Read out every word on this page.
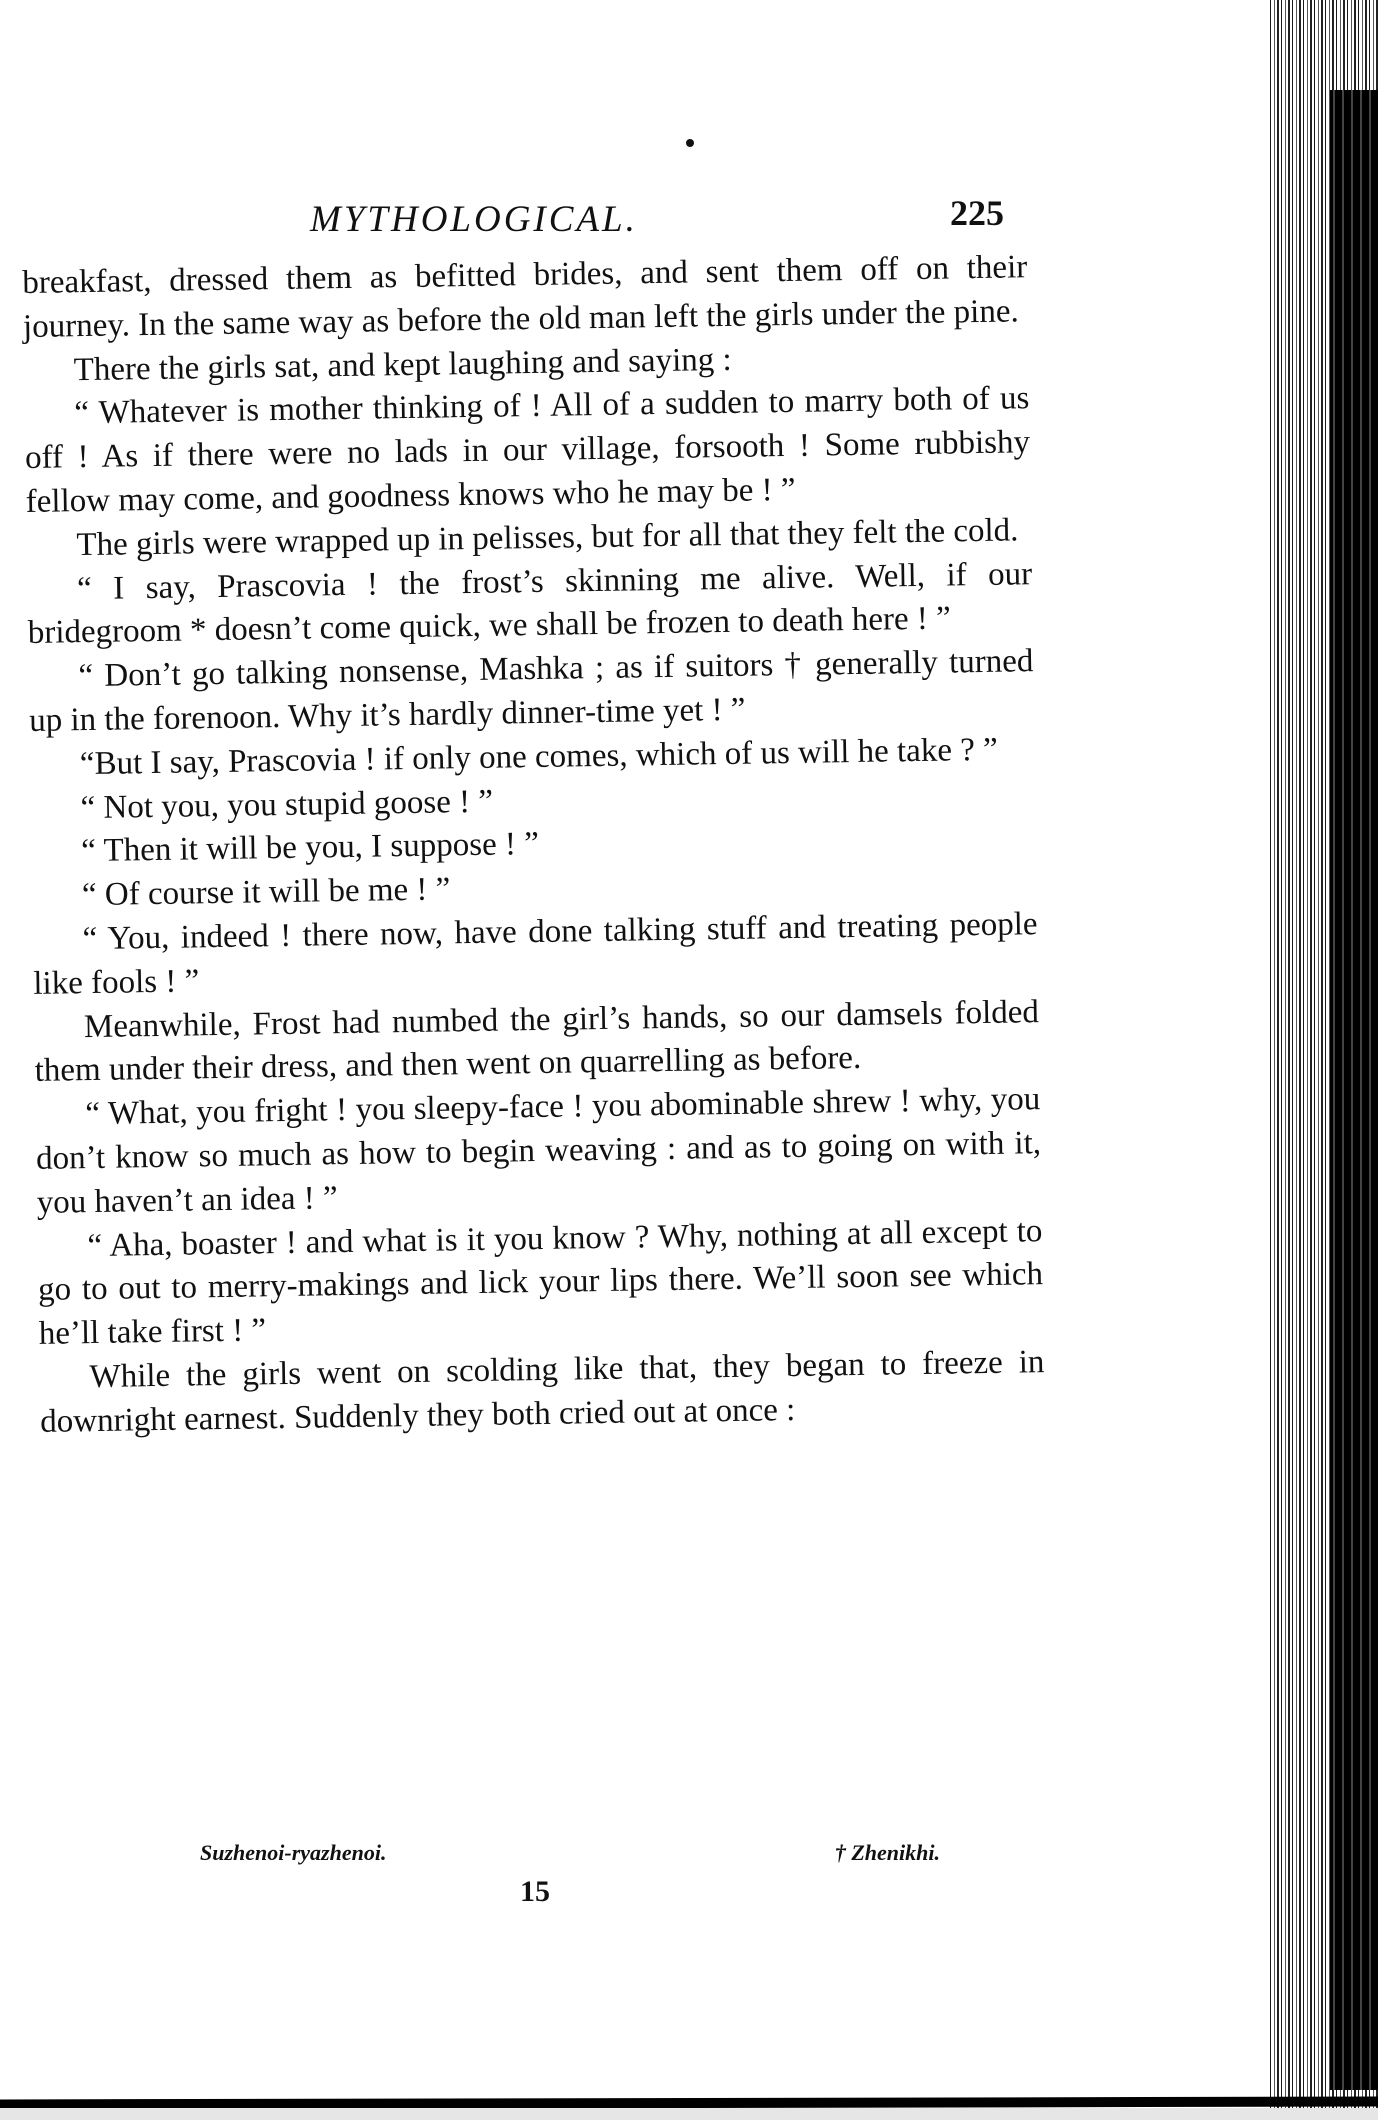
MYTHOLOGICAL.	225

breakfast, dressed them as befitted brides, and sent them off on their journey. In the same way as before the old man left the girls under the pine.

There the girls sat, and kept laughing and saying :

“ Whatever is mother thinking of ! All of a sudden to marry both of us off ! As if there were no lads in our village, forsooth ! Some rubbishy fellow may come, and goodness knows who he may be ! ”

The girls were wrapped up in pelisses, but for all that they felt the cold.

“ I say, Prascovia ! the frost’s skinning me alive. Well, if our bridegroom * doesn’t come quick, we shall be frozen to death here ! ”

“ Don’t go talking nonsense, Mashka ; as if suitors † generally turned up in the forenoon. Why it’s hardly dinner-time yet ! ”

“But I say, Prascovia ! if only one comes, which of us will he take ? ”

“ Not you, you stupid goose ! ”

“ Then it will be you, I suppose ! ”

“ Of course it will be me ! ”

“ You, indeed ! there now, have done talking stuff and treating people like fools ! ”

Meanwhile, Frost had numbed the girl’s hands, so our damsels folded them under their dress, and then went on quarrelling as before.

“ What, you fright ! you sleepy-face ! you abominable shrew ! why, you don’t know so much as how to begin weaving : and as to going on with it, you haven’t an idea ! ”

“ Aha, boaster ! and what is it you know ? Why, nothing at all except to go to out to merry-makings and lick your lips there. We’ll soon see which he’ll take first ! ”

While the girls went on scolding like that, they began to freeze in downright earnest. Suddenly they both cried out at once :

Suzhenoi-ryazhenoi.	† Zhenikhi.
15
